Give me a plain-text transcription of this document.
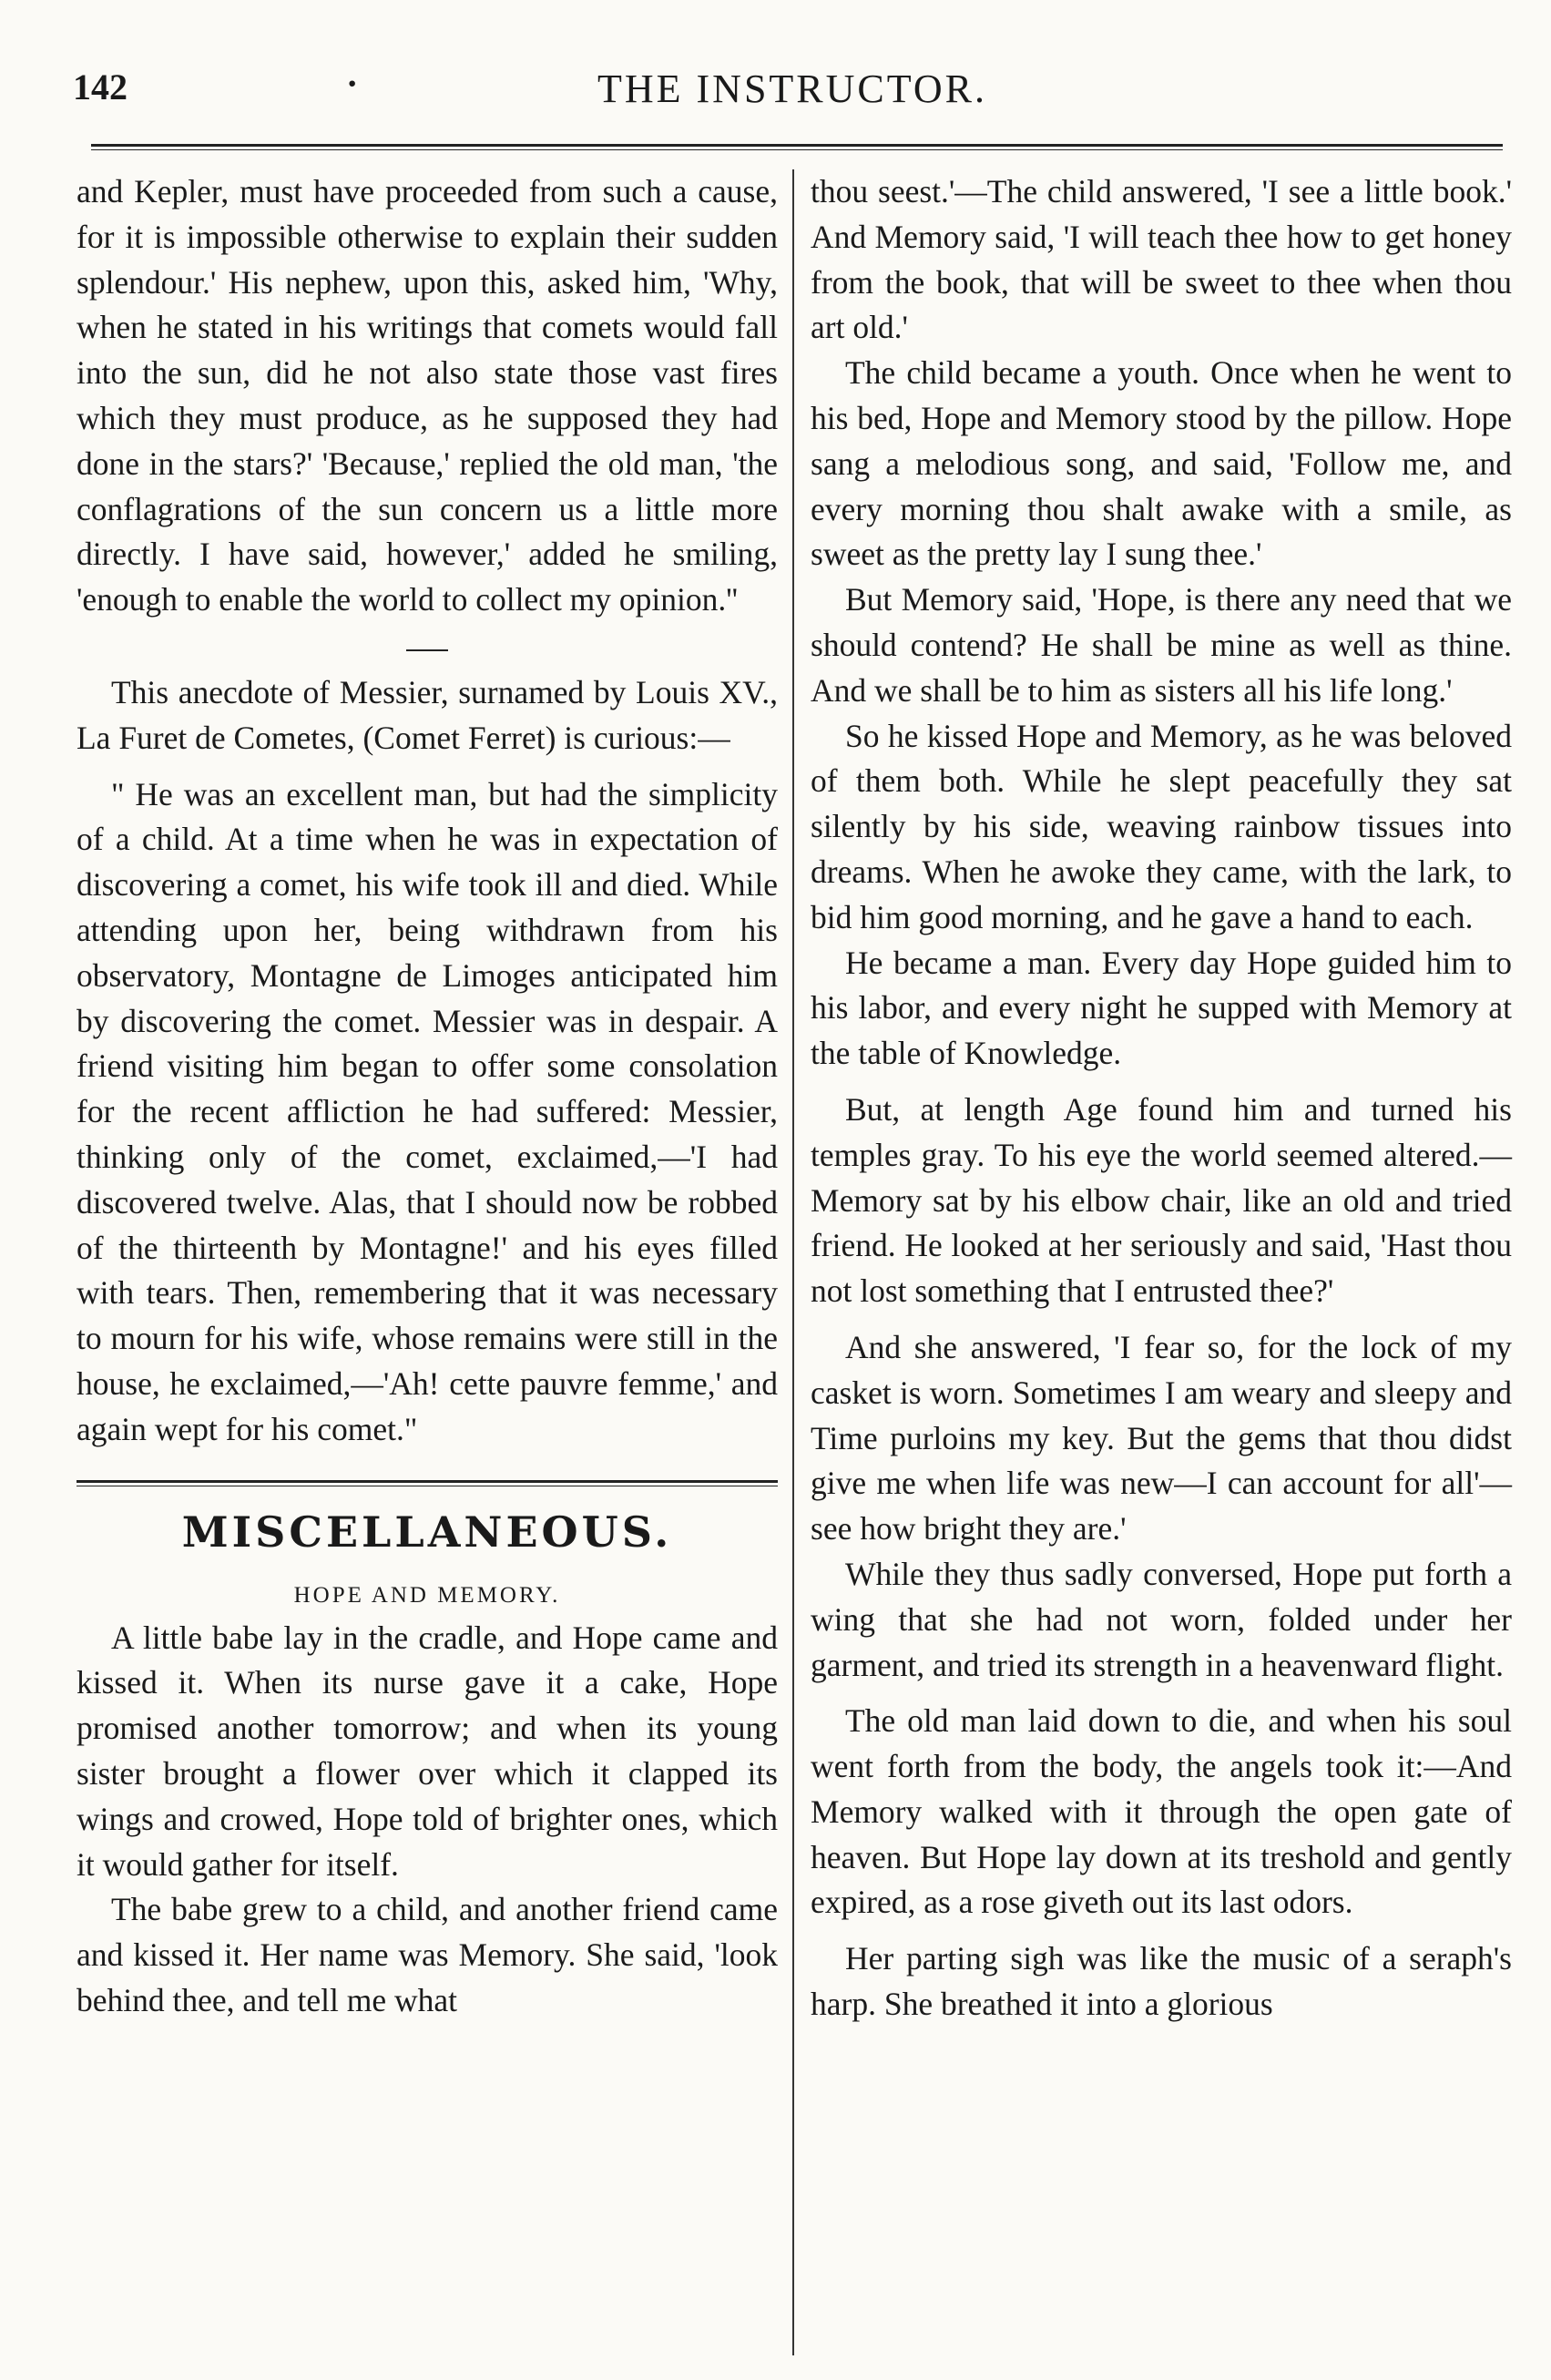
142	·	THE INSTRUCTOR.

and Kepler, must have proceeded from such a cause, for it is impossible otherwise to explain their sudden splendour.' His nephew, upon this, asked him, 'Why, when he stated in his writings that comets would fall into the sun, did he not also state those vast fires which they must produce, as he supposed they had done in the stars?' 'Because,' replied the old man, 'the conflagrations of the sun concern us a little more directly. I have said, however,' added he smiling, 'enough to enable the world to collect my opinion.''

This anecdote of Messier, surnamed by Louis XV., La Furet de Cometes, (Comet Ferret) is curious:—

" He was an excellent man, but had the simplicity of a child. At a time when he was in expectation of discovering a comet, his wife took ill and died. While attending upon her, being withdrawn from his observatory, Montagne de Limoges anticipated him by discovering the comet. Messier was in despair. A friend visiting him began to offer some consolation for the recent affliction he had suffered: Messier, thinking only of the comet, exclaimed,—'I had discovered twelve. Alas, that I should now be robbed of the thirteenth by Montagne!' and his eyes filled with tears. Then, remembering that it was necessary to mourn for his wife, whose remains were still in the house, he exclaimed,—'Ah! cette pauvre femme,' and again wept for his comet."

MISCELLANEOUS.
HOPE AND MEMORY.

A little babe lay in the cradle, and Hope came and kissed it. When its nurse gave it a cake, Hope promised another tomorrow; and when its young sister brought a flower over which it clapped its wings and crowed, Hope told of brighter ones, which it would gather for itself.

The babe grew to a child, and another friend came and kissed it. Her name was Memory. She said, 'look behind thee, and tell me what

thou seest.'—The child answered, 'I see a little book.' And Memory said, 'I will teach thee how to get honey from the book, that will be sweet to thee when thou art old.'

The child became a youth. Once when he went to his bed, Hope and Memory stood by the pillow. Hope sang a melodious song, and said, 'Follow me, and every morning thou shalt awake with a smile, as sweet as the pretty lay I sung thee.'

But Memory said, 'Hope, is there any need that we should contend? He shall be mine as well as thine. And we shall be to him as sisters all his life long.'

So he kissed Hope and Memory, as he was beloved of them both. While he slept peacefully they sat silently by his side, weaving rainbow tissues into dreams. When he awoke they came, with the lark, to bid him good morning, and he gave a hand to each.

He became a man. Every day Hope guided him to his labor, and every night he supped with Memory at the table of Knowledge.

But, at length Age found him and turned his temples gray. To his eye the world seemed altered.—Memory sat by his elbow chair, like an old and tried friend. He looked at her seriously and said, 'Hast thou not lost something that I entrusted thee?'

And she answered, 'I fear so, for the lock of my casket is worn. Sometimes I am weary and sleepy and Time purloins my key. But the gems that thou didst give me when life was new—I can account for all'—see how bright they are.'

While they thus sadly conversed, Hope put forth a wing that she had not worn, folded under her garment, and tried its strength in a heavenward flight.

The old man laid down to die, and when his soul went forth from the body, the angels took it:—And Memory walked with it through the open gate of heaven. But Hope lay down at its treshold and gently expired, as a rose giveth out its last odors.

Her parting sigh was like the music of a seraph's harp. She breathed it into a glorious
